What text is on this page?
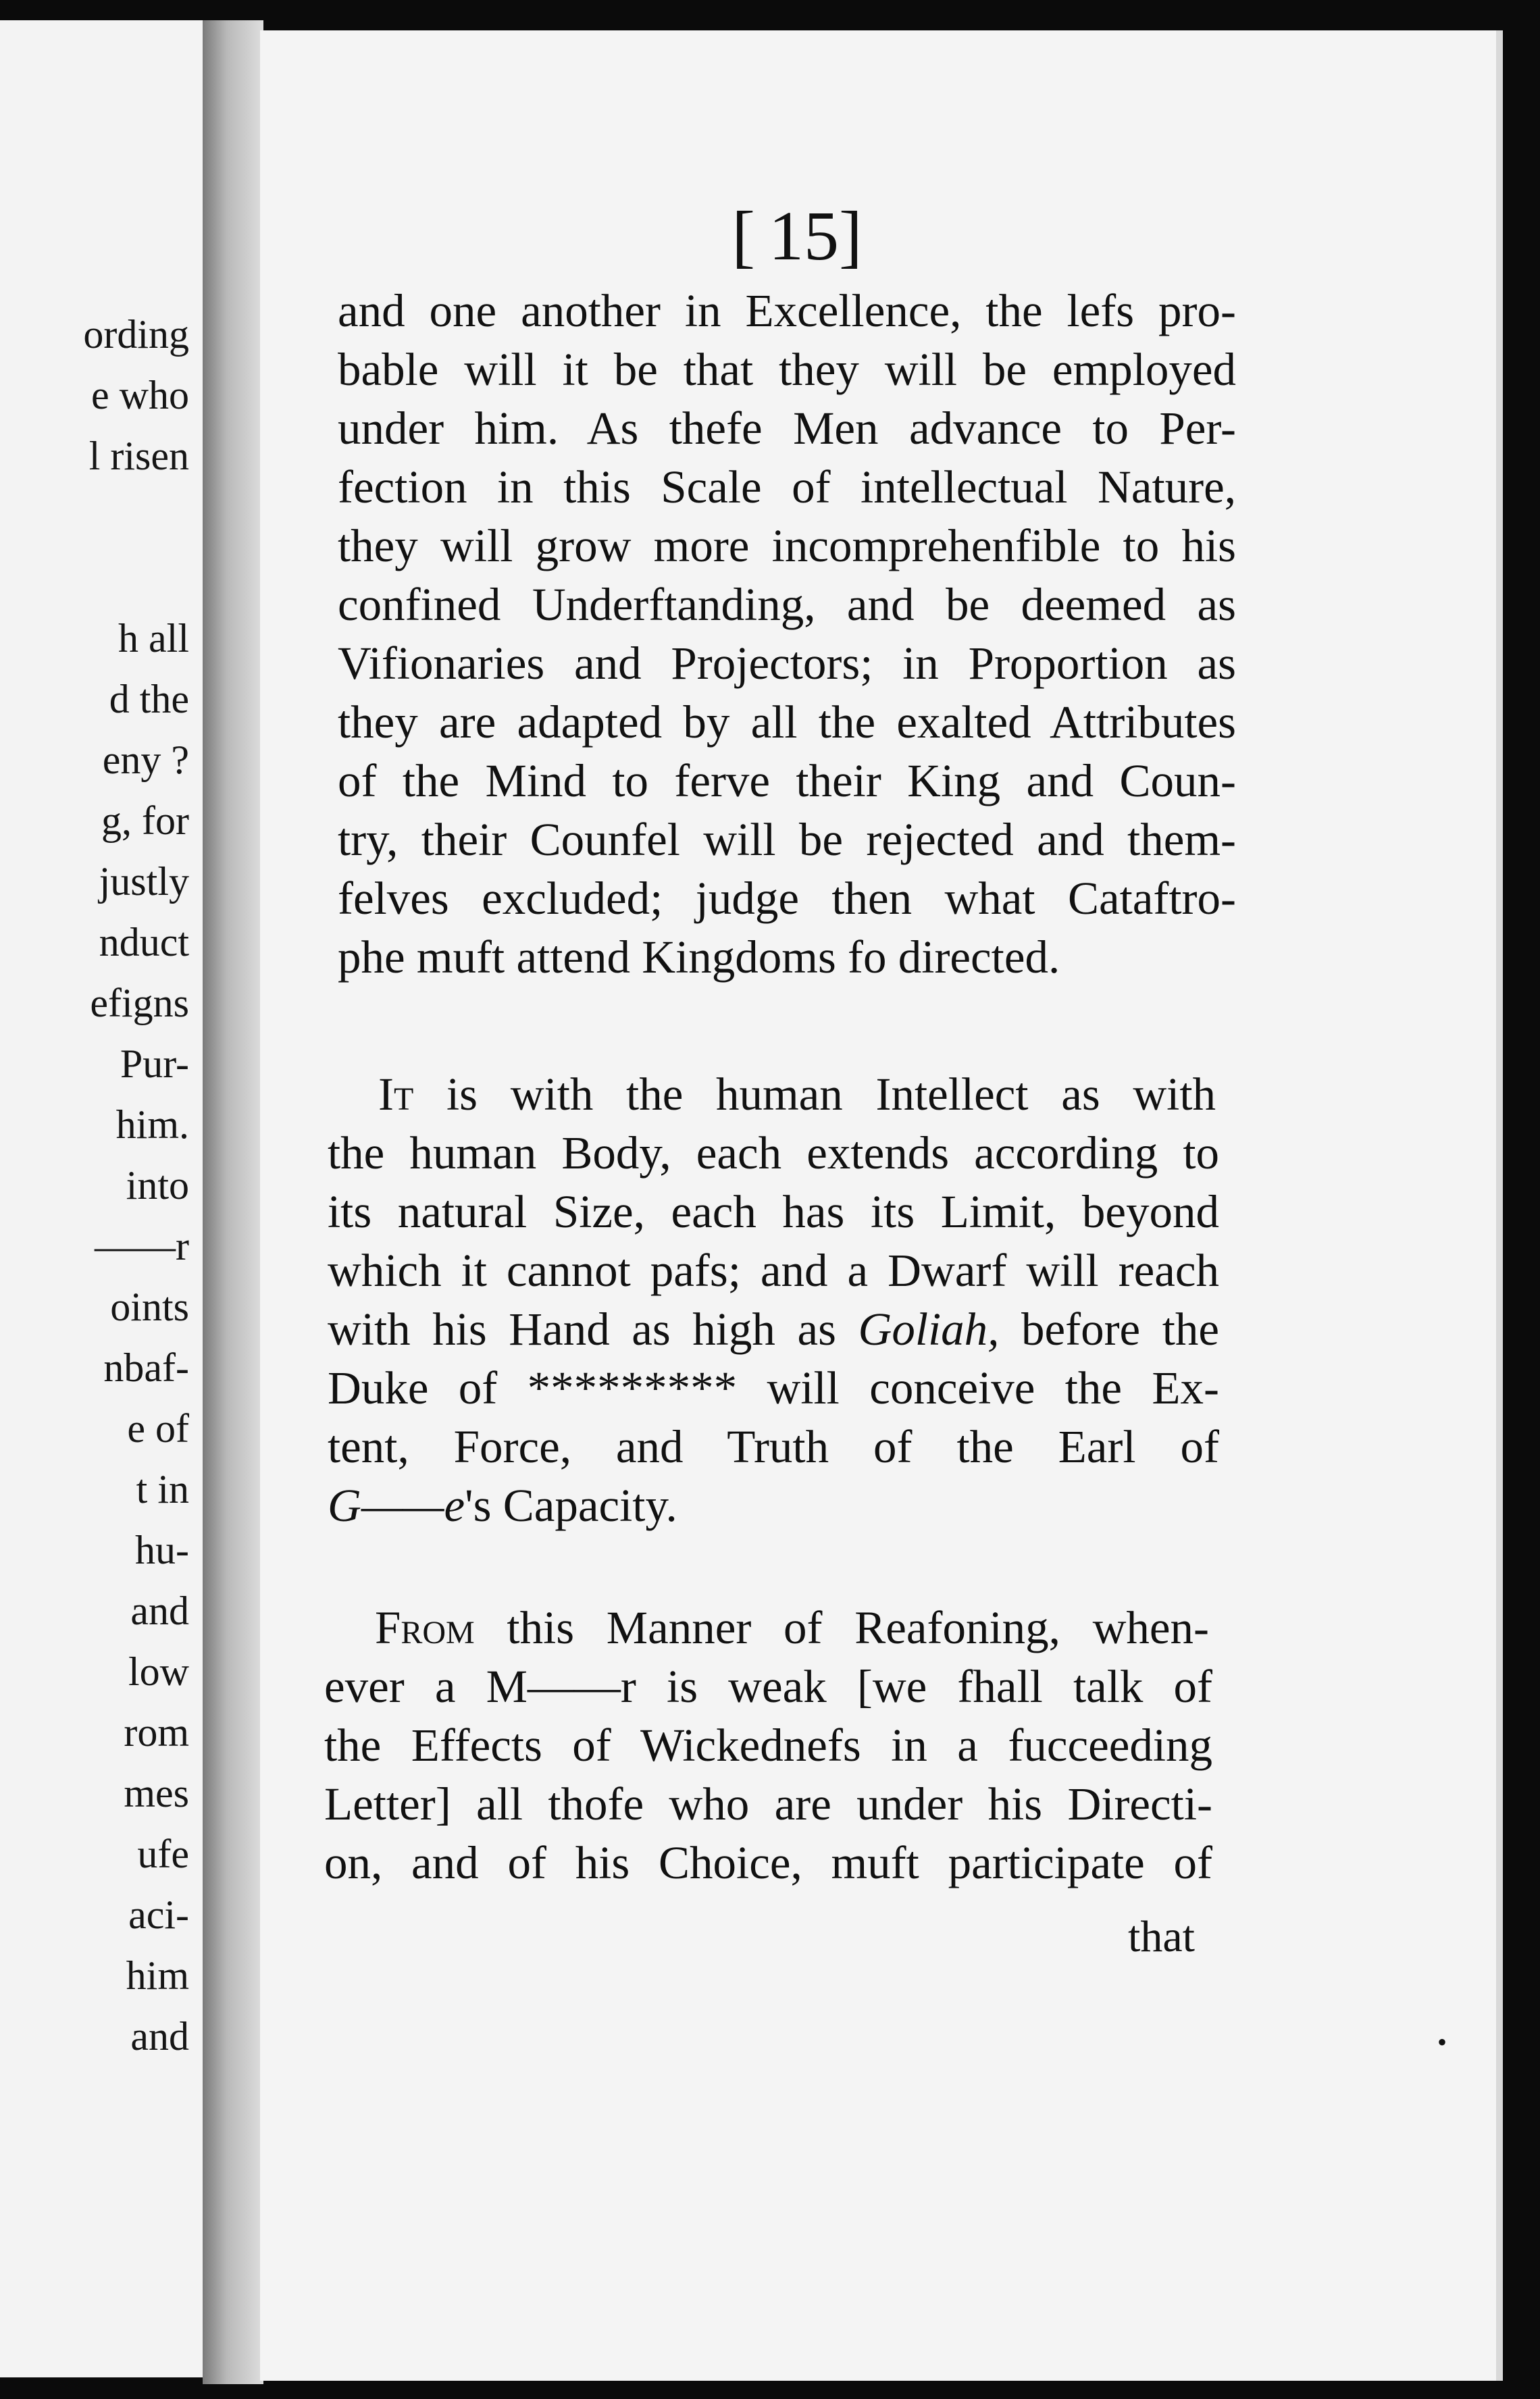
ording
e who
l risen
h all
d the
eny ?
g, for
justly
nduct
efigns
Pur-
him.
into
——r
oints
nbaf-
e of
t in
hu-
and
low
rom
mes
ufe
aci-
him
and
[15]
and one another in Excellence, the lefs pro-
bable will it be that they will be employed
under him. As thefe Men advance to Per-
fection in this Scale of intellectual Nature,
they will grow more incomprehenfible to his
confined Underftanding, and be deemed as
Vifionaries and Projectors; in Proportion as
they are adapted by all the exalted Attributes
of the Mind to ferve their King and Coun-
try, their Counfel will be rejected and them-
felves excluded; judge then what Cataftro-
phe muft attend Kingdoms fo directed.
It is with the human Intellect as with
the human Body, each extends according to
its natural Size, each has its Limit, beyond
which it cannot pafs; and a Dwarf will reach
with his Hand as high as Goliah, before the
Duke of ********* will conceive the Ex-
tent, Force, and Truth of the Earl of
G——e's Capacity.
From this Manner of Reafoning, when-
ever a M——r is weak [we fhall talk of
the Effects of Wickednefs in a fucceeding
Letter] all thofe who are under his Directi-
on, and of his Choice, muft participate of
that
•
